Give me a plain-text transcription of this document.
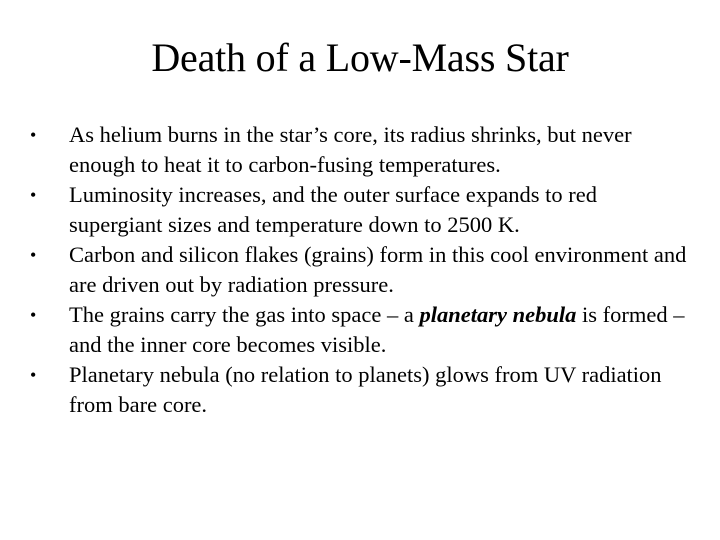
Death of a Low-Mass Star
• As helium burns in the star’s core, its radius shrinks, but never enough to heat it to carbon-fusing temperatures.
• Luminosity increases, and the outer surface expands to red supergiant sizes and temperature down to 2500 K.
• Carbon and silicon flakes (grains) form in this cool environment and are driven out by radiation pressure.
• The grains carry the gas into space – a planetary nebula is formed – and the inner core becomes visible.
• Planetary nebula (no relation to planets) glows from UV radiation from bare core.
